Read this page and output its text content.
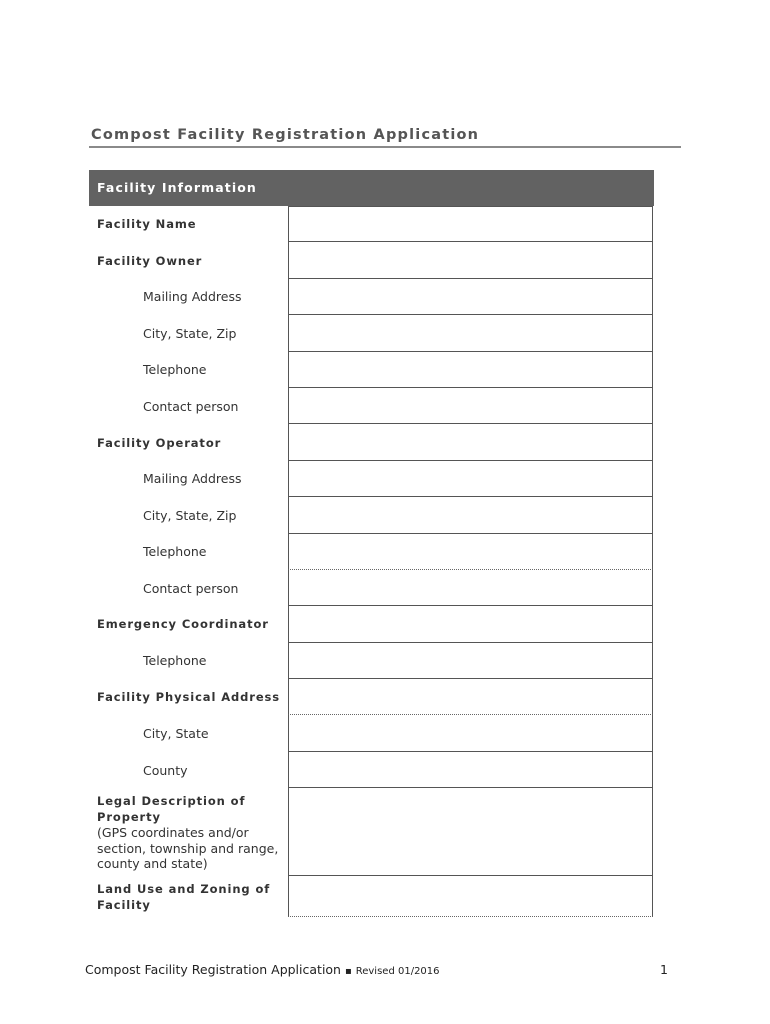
Compost Facility Registration Application
Facility Information
Facility Name
Facility Owner
Mailing Address
City, State, Zip
Telephone
Contact person
Facility Operator
Mailing Address
City, State, Zip
Telephone
Contact person
Emergency Coordinator
Telephone
Facility Physical Address
City, State
County
Legal Description of Property
(GPS coordinates and/or section, township and range, county and state)
Land Use and Zoning of Facility
Compost Facility Registration Application ▪ Revised 01/2016	1
